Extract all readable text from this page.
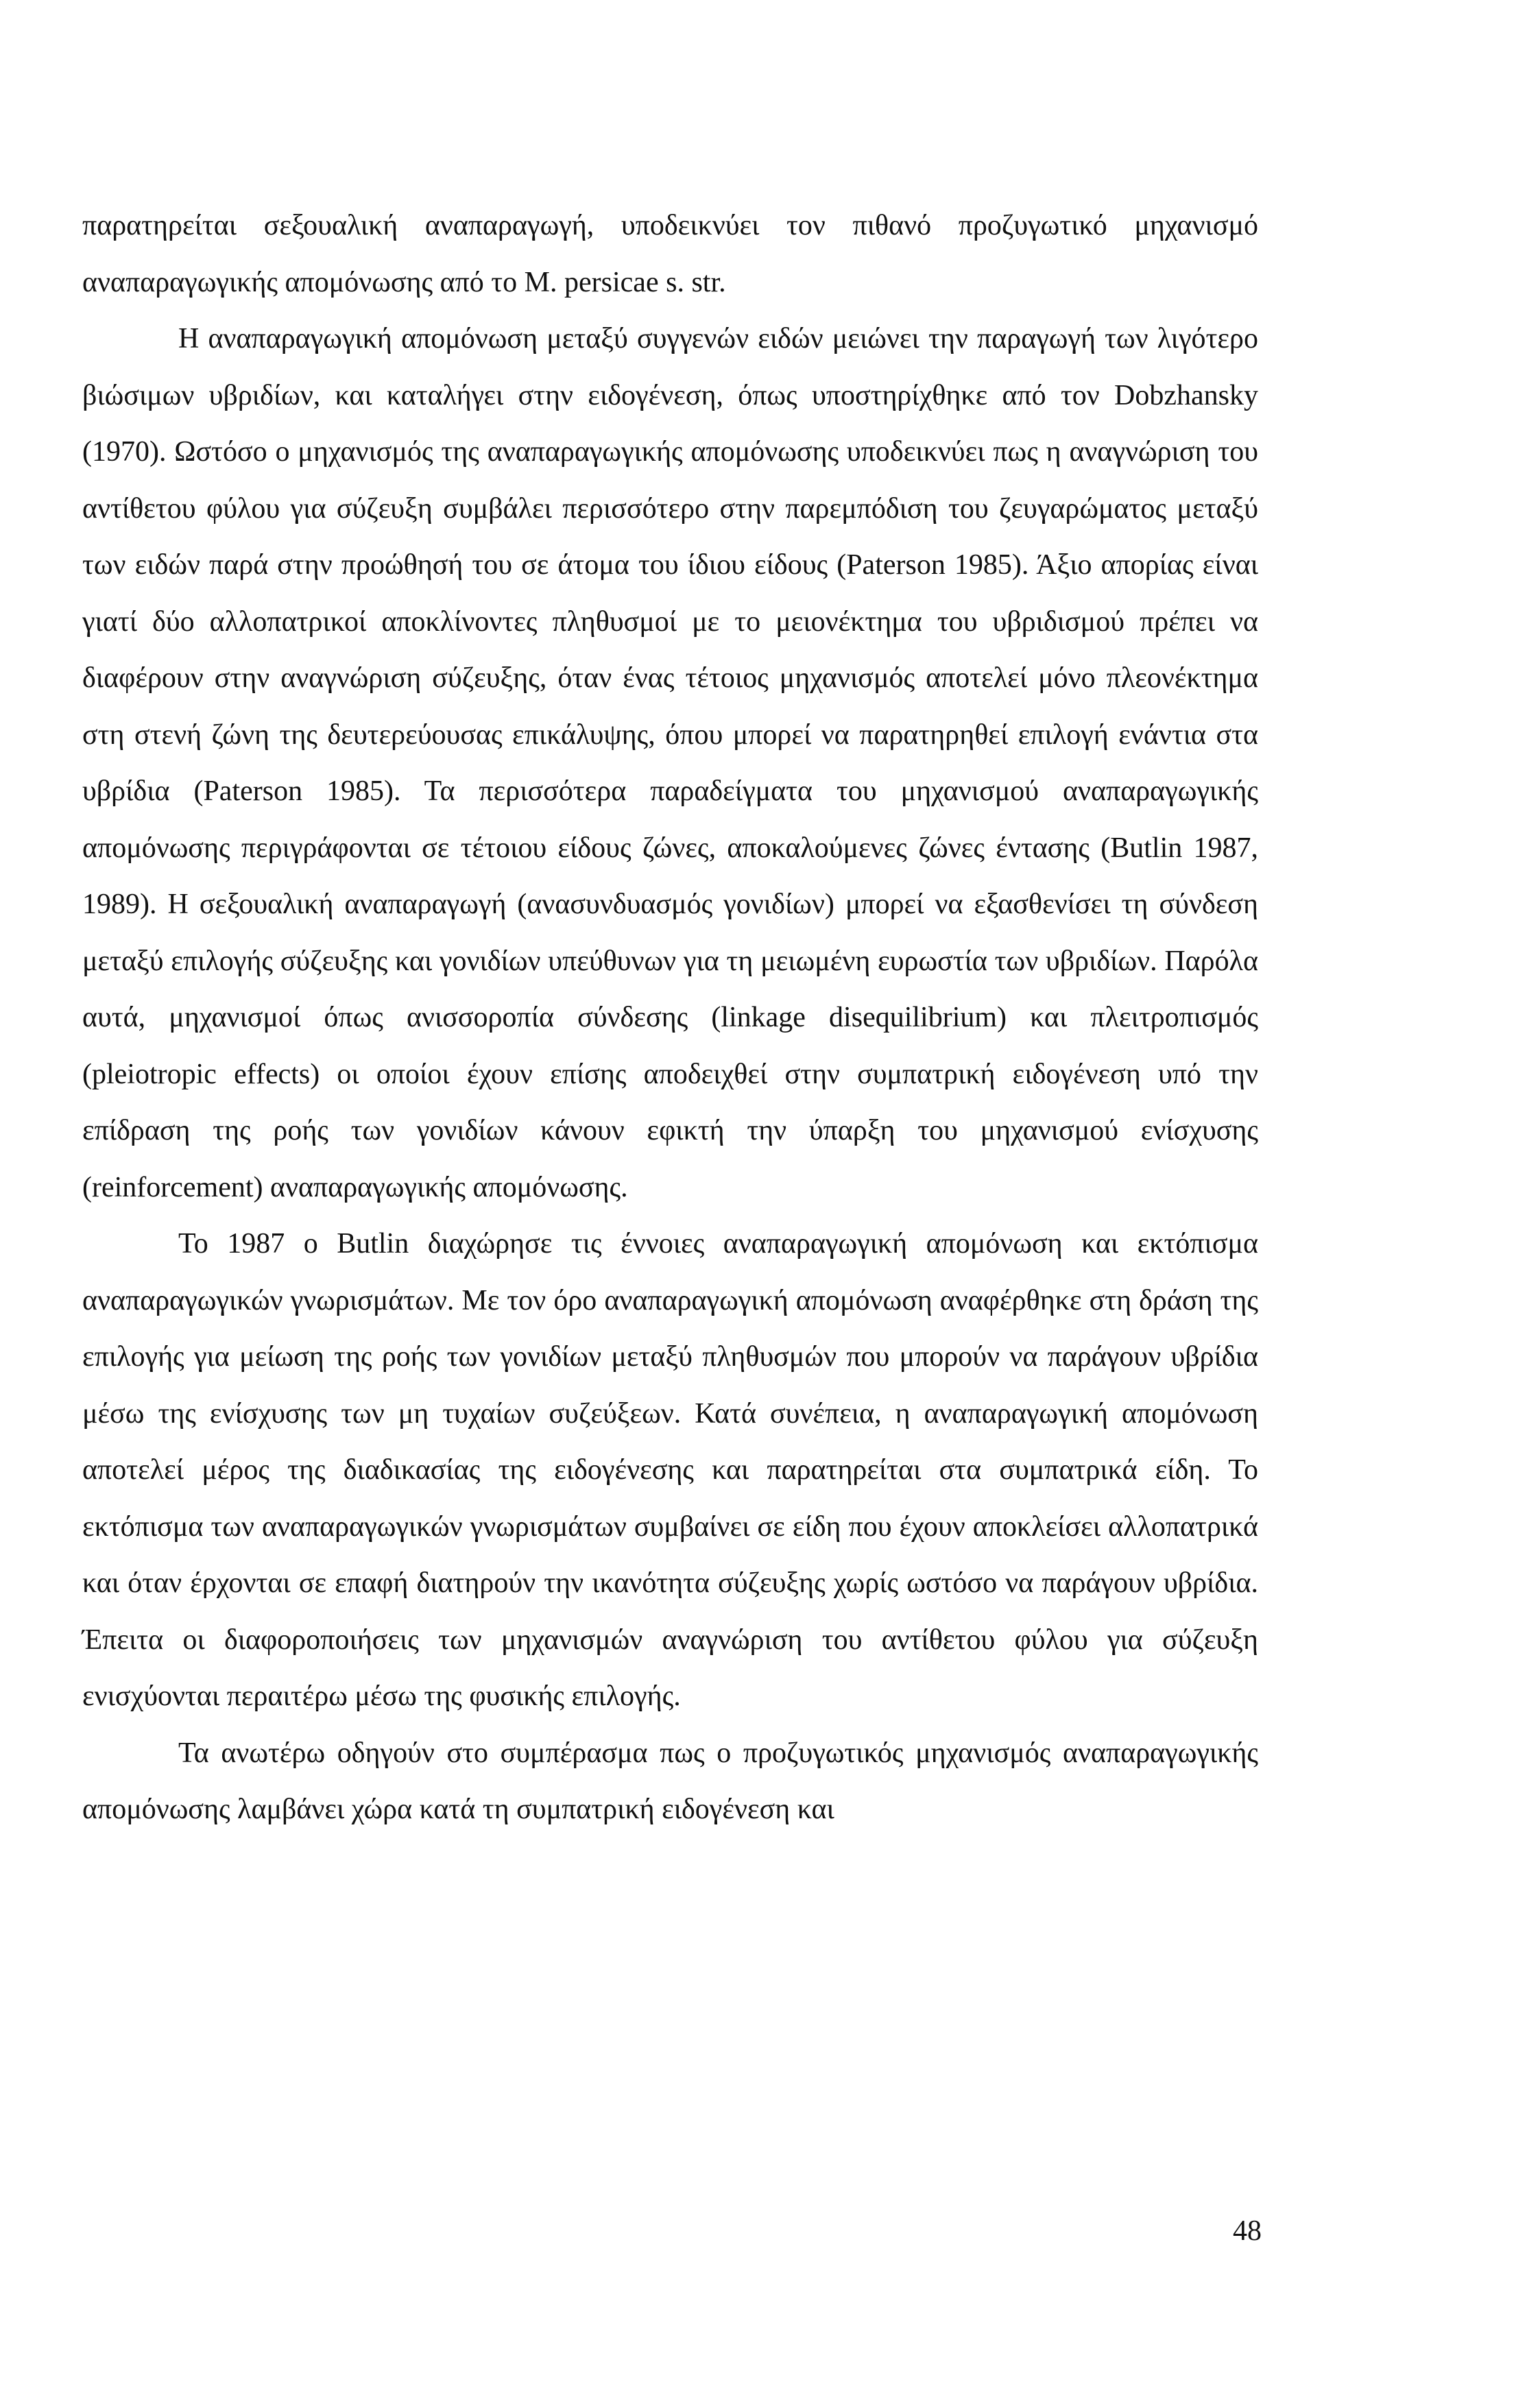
παρατηρείται σεξουαλική αναπαραγωγή, υποδεικνύει τον πιθανό προζυγωτικό μηχανισμό αναπαραγωγικής απομόνωσης από το M. persicae s. str.

Η αναπαραγωγική απομόνωση μεταξύ συγγενών ειδών μειώνει την παραγωγή των λιγότερο βιώσιμων υβριδίων, και καταλήγει στην ειδογένεση, όπως υποστηρίχθηκε από τον Dobzhansky (1970). Ωστόσο ο μηχανισμός της αναπαραγωγικής απομόνωσης υποδεικνύει πως η αναγνώριση του αντίθετου φύλου για σύζευξη συμβάλει περισσότερο στην παρεμπόδιση του ζευγαρώματος μεταξύ των ειδών παρά στην προώθησή του σε άτομα του ίδιου είδους (Paterson 1985). Άξιο απορίας είναι γιατί δύο αλλοπατρικοί αποκλίνοντες πληθυσμοί με το μειονέκτημα του υβριδισμού πρέπει να διαφέρουν στην αναγνώριση σύζευξης, όταν ένας τέτοιος μηχανισμός αποτελεί μόνο πλεονέκτημα στη στενή ζώνη της δευτερεύουσας επικάλυψης, όπου μπορεί να παρατηρηθεί επιλογή ενάντια στα υβρίδια (Paterson 1985). Τα περισσότερα παραδείγματα του μηχανισμού αναπαραγωγικής απομόνωσης περιγράφονται σε τέτοιου είδους ζώνες, αποκαλούμενες ζώνες έντασης (Butlin 1987, 1989). Η σεξουαλική αναπαραγωγή (ανασυνδυασμός γονιδίων) μπορεί να εξασθενίσει τη σύνδεση μεταξύ επιλογής σύζευξης και γονιδίων υπεύθυνων για τη μειωμένη ευρωστία των υβριδίων. Παρόλα αυτά, μηχανισμοί όπως ανισσοροπία σύνδεσης (linkage disequilibrium) και πλειτροπισμός (pleiotropic effects) οι οποίοι έχουν επίσης αποδειχθεί στην συμπατρική ειδογένεση υπό την επίδραση της ροής των γονιδίων κάνουν εφικτή την ύπαρξη του μηχανισμού ενίσχυσης (reinforcement) αναπαραγωγικής απομόνωσης.

Το 1987 ο Butlin διαχώρησε τις έννοιες αναπαραγωγική απομόνωση και εκτόπισμα αναπαραγωγικών γνωρισμάτων. Με τον όρο αναπαραγωγική απομόνωση αναφέρθηκε στη δράση της επιλογής για μείωση της ροής των γονιδίων μεταξύ πληθυσμών που μπορούν να παράγουν υβρίδια μέσω της ενίσχυσης των μη τυχαίων συζεύξεων. Κατά συνέπεια, η αναπαραγωγική απομόνωση αποτελεί μέρος της διαδικασίας της ειδογένεσης και παρατηρείται στα συμπατρικά είδη. Το εκτόπισμα των αναπαραγωγικών γνωρισμάτων συμβαίνει σε είδη που έχουν αποκλείσει αλλοπατρικά και όταν έρχονται σε επαφή διατηρούν την ικανότητα σύζευξης χωρίς ωστόσο να παράγουν υβρίδια. Έπειτα οι διαφοροποιήσεις των μηχανισμών αναγνώριση του αντίθετου φύλου για σύζευξη ενισχύονται περαιτέρω μέσω της φυσικής επιλογής.

Τα ανωτέρω οδηγούν στο συμπέρασμα πως ο προζυγωτικός μηχανισμός αναπαραγωγικής απομόνωσης λαμβάνει χώρα κατά τη συμπατρική ειδογένεση και

48
